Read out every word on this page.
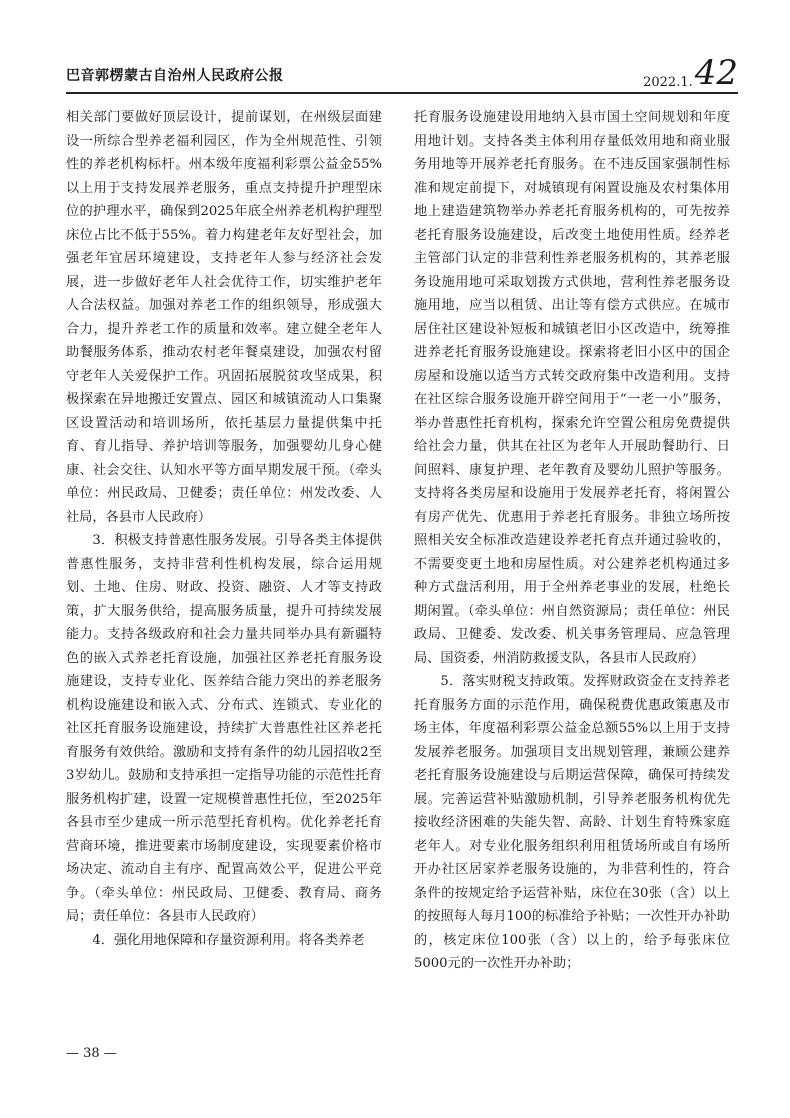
巴音郭楞蒙古自治州人民政府公报	2022.1.42

相关部门要做好顶层设计，提前谋划，在州级层面建设一所综合型养老福利园区，作为全州规范性、引领性的养老机构标杆。州本级年度福利彩票公益金55%以上用于支持发展养老服务，重点支持提升护理型床位的护理水平，确保到2025年底全州养老机构护理型床位占比不低于55%。着力构建老年友好型社会，加强老年宜居环境建设，支持老年人参与经济社会发展，进一步做好老年人社会优待工作，切实维护老年人合法权益。加强对养老工作的组织领导，形成强大合力，提升养老工作的质量和效率。建立健全老年人助餐服务体系，推动农村老年餐桌建设，加强农村留守老年人关爱保护工作。巩固拓展脱贫攻坚成果，积极探索在异地搬迁安置点、园区和城镇流动人口集聚区设置活动和培训场所，依托基层力量提供集中托育、育儿指导、养护培训等服务，加强婴幼儿身心健康、社会交往、认知水平等方面早期发展干预。（牵头单位：州民政局、卫健委；责任单位：州发改委、人社局，各县市人民政府）

3．积极支持普惠性服务发展。引导各类主体提供普惠性服务，支持非营利性机构发展，综合运用规划、土地、住房、财政、投资、融资、人才等支持政策，扩大服务供给，提高服务质量，提升可持续发展能力。支持各级政府和社会力量共同举办具有新疆特色的嵌入式养老托育设施，加强社区养老托育服务设施建设，支持专业化、医养结合能力突出的养老服务机构设施建设和嵌入式、分布式、连锁式、专业化的社区托育服务设施建设，持续扩大普惠性社区养老托育服务有效供给。激励和支持有条件的幼儿园招收2至3岁幼儿。鼓励和支持承担一定指导功能的示范性托育服务机构扩建，设置一定规模普惠性托位，至2025年各县市至少建成一所示范型托育机构。优化养老托育营商环境，推进要素市场制度建设，实现要素价格市场决定、流动自主有序、配置高效公平，促进公平竞争。（牵头单位：州民政局、卫健委、教育局、商务局；责任单位：各县市人民政府）

4．强化用地保障和存量资源利用。将各类养老

托育服务设施建设用地纳入县市国土空间规划和年度用地计划。支持各类主体利用存量低效用地和商业服务用地等开展养老托育服务。在不违反国家强制性标准和规定前提下，对城镇现有闲置设施及农村集体用地上建造建筑物举办养老托育服务机构的，可先按养老托育服务设施建设，后改变土地使用性质。经养老主管部门认定的非营利性养老服务机构的，其养老服务设施用地可采取划拨方式供地，营利性养老服务设施用地，应当以租赁、出让等有偿方式供应。在城市居住社区建设补短板和城镇老旧小区改造中，统筹推进养老托育服务设施建设。探索将老旧小区中的国企房屋和设施以适当方式转交政府集中改造利用。支持在社区综合服务设施开辟空间用于“一老一小”服务，举办普惠性托育机构，探索允许空置公租房免费提供给社会力量，供其在社区为老年人开展助餐助行、日间照料、康复护理、老年教育及婴幼儿照护等服务。支持将各类房屋和设施用于发展养老托育，将闲置公有房产优先、优惠用于养老托育服务。非独立场所按照相关安全标准改造建设养老托育点并通过验收的，不需要变更土地和房屋性质。对公建养老机构通过多种方式盘活利用，用于全州养老事业的发展，杜绝长期闲置。（牵头单位：州自然资源局；责任单位：州民政局、卫健委、发改委、机关事务管理局、应急管理局、国资委，州消防救援支队，各县市人民政府）

5．落实财税支持政策。发挥财政资金在支持养老托育服务方面的示范作用，确保税费优惠政策惠及市场主体，年度福利彩票公益金总额55%以上用于支持发展养老服务。加强项目支出规划管理，兼顾公建养老托育服务设施建设与后期运营保障，确保可持续发展。完善运营补贴激励机制，引导养老服务机构优先接收经济困难的失能失智、高龄、计划生育特殊家庭老年人。对专业化服务组织利用租赁场所或自有场所开办社区居家养老服务设施的，为非营利性的，符合条件的按规定给予运营补贴，床位在30张（含）以上的按照每人每月100的标准给予补贴；一次性开办补助的，核定床位100张（含）以上的，给予每张床位5000元的一次性开办补助；

— 38 —
